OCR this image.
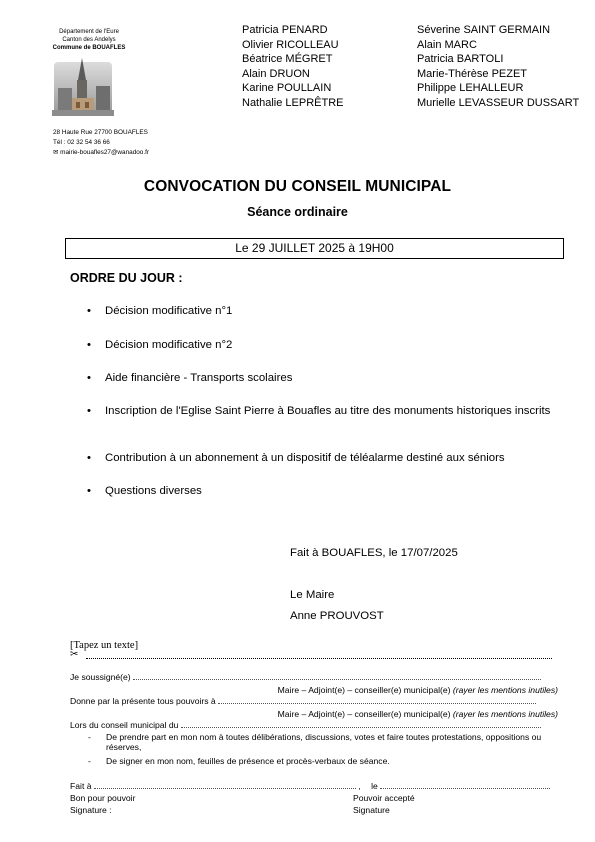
Département de l'Eure
Canton des Andelys
Commune de BOUAFLES
28 Haute Rue 27700 BOUAFLES
Tél : 02 32 54 36 66
✉ mairie-bouafles27@wanadoo.fr
Patricia PENARD
Olivier RICOLLEAU
Béatrice MÉGRET
Alain DRUON
Karine POULLAIN
Nathalie LEPRÊTRE
Séverine SAINT GERMAIN
Alain MARC
Patricia BARTOLI
Marie-Thérèse PEZET
Philippe LEHALLEUR
Murielle LEVASSEUR DUSSART
CONVOCATION DU CONSEIL MUNICIPAL
Séance ordinaire
Le 29 JUILLET 2025 à 19H00
ORDRE DU JOUR :
• Décision modificative n°1
• Décision modificative n°2
• Aide financière - Transports scolaires
• Inscription de l'Eglise Saint Pierre à Bouafles au titre des monuments historiques inscrits
• Contribution à un abonnement à un dispositif de téléalarme destiné aux séniors
• Questions diverses
Fait à BOUAFLES, le 17/07/2025
Le Maire
Anne PROUVOST
[Tapez un texte]
✂
Je soussigné(e)
Maire – Adjoint(e) – conseiller(e) municipal(e) (rayer les mentions inutiles)
Donne par la présente tous pouvoirs à
Maire – Adjoint(e) – conseiller(e) municipal(e) (rayer les mentions inutiles)
Lors du conseil municipal du
- De prendre part en mon nom à toutes délibérations, discussions, votes et faire toutes protestations, oppositions ou réserves,
- De signer en mon nom, feuilles de présence et procès-verbaux de séance.
Fait à	, le
Bon pour pouvoir	Pouvoir accepté
Signature :	Signature
